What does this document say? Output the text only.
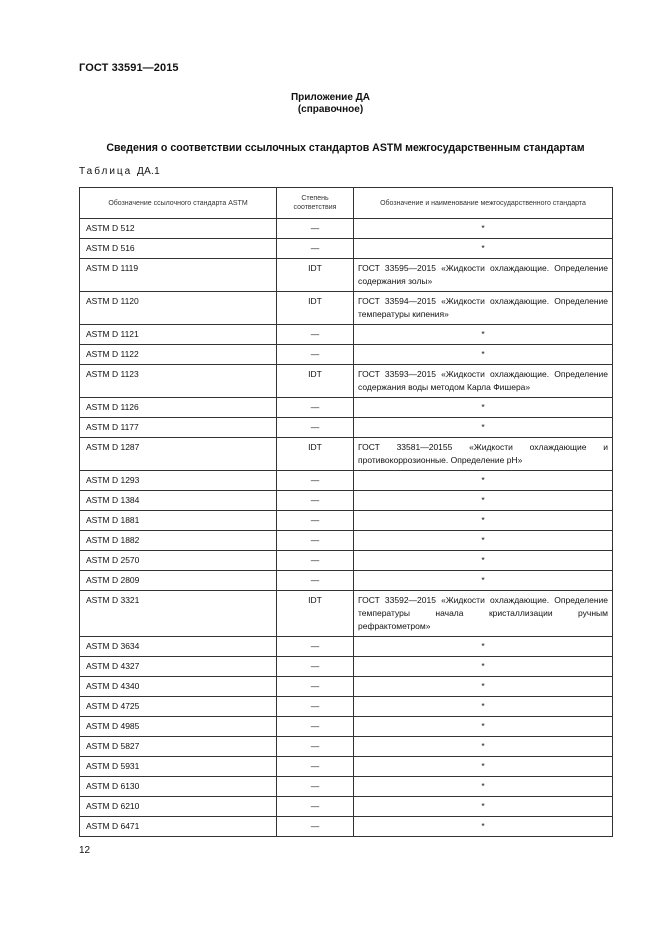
ГОСТ 33591—2015
Приложение ДА
(справочное)
Сведения о соответствии ссылочных стандартов ASTM межгосударственным стандартам
Таблица ДА.1
Обозначение ссылочного стандарта ASTM	Степень соответствия	Обозначение и наименование межгосударственного стандарта
ASTM D 512	—	*
ASTM D 516	—	*
ASTM D 1119	IDT	ГОСТ 33595—2015 «Жидкости охлаждающие. Определение содержания золы»
ASTM D 1120	IDT	ГОСТ 33594—2015 «Жидкости охлаждающие. Определение температуры кипения»
ASTM D 1121	—	*
ASTM D 1122	—	*
ASTM D 1123	IDT	ГОСТ 33593—2015 «Жидкости охлаждающие. Определение содержания воды методом Карла Фишера»
ASTM D 1126	—	*
ASTM D 1177	—	*
ASTM D 1287	IDT	ГОСТ 33581—20155 «Жидкости охлаждающие и противокоррозионные. Определение pH»
ASTM D 1293	—	*
ASTM D 1384	—	*
ASTM D 1881	—	*
ASTM D 1882	—	*
ASTM D 2570	—	*
ASTM D 2809	—	*
ASTM D 3321	IDT	ГОСТ 33592—2015 «Жидкости охлаждающие. Определение температуры начала кристаллизации ручным рефрактометром»
ASTM D 3634	—	*
ASTM D 4327	—	*
ASTM D 4340	—	*
ASTM D 4725	—	*
ASTM D 4985	—	*
ASTM D 5827	—	*
ASTM D 5931	—	*
ASTM D 6130	—	*
ASTM D 6210	—	*
ASTM D 6471	—	*
12
